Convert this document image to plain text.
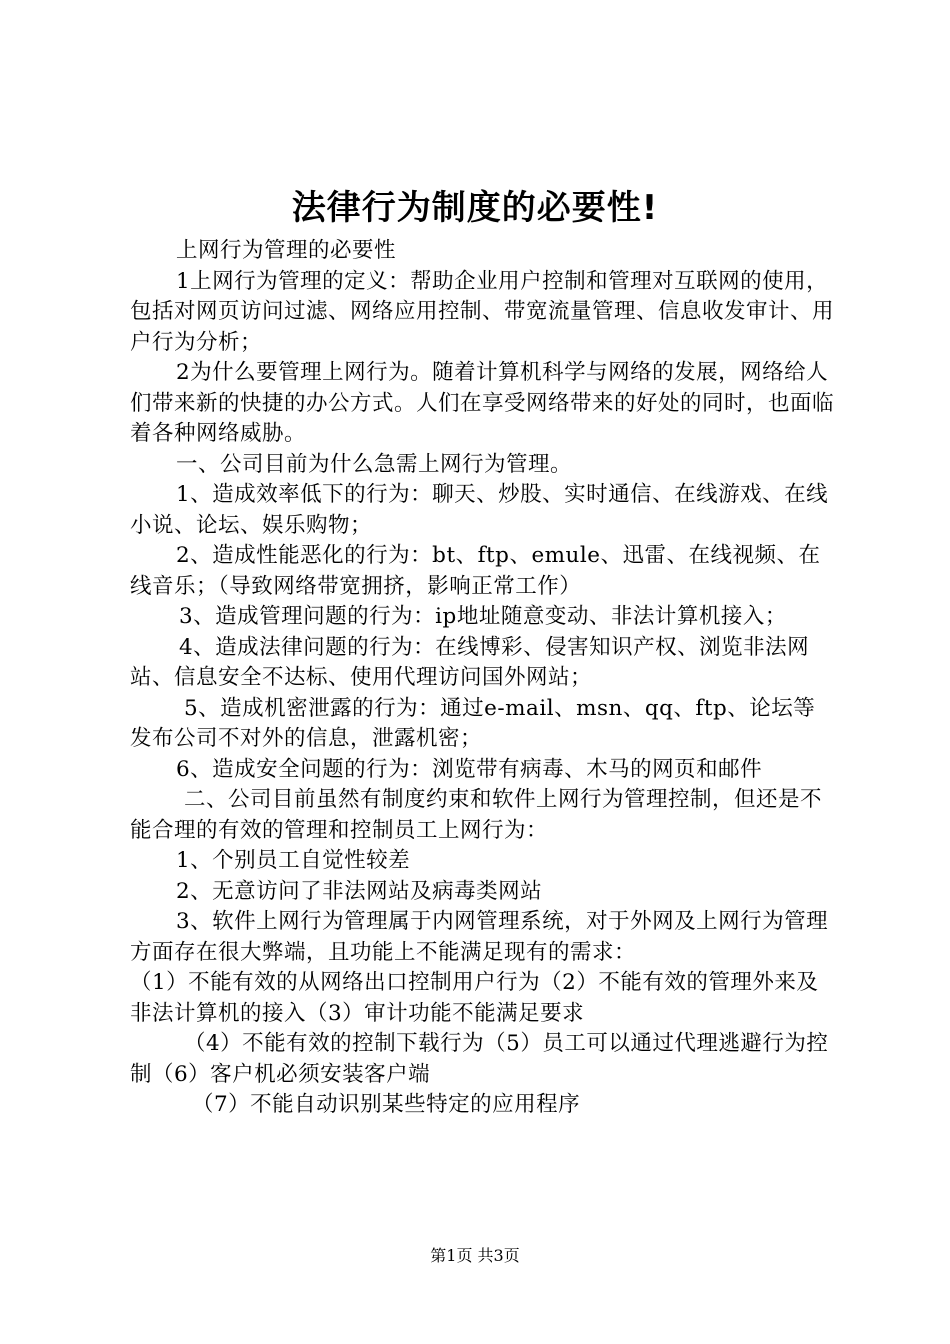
法律行为制度的必要性!

上网行为管理的必要性

1上网行为管理的定义：帮助企业用户控制和管理对互联网的使用，包括对网页访问过滤、网络应用控制、带宽流量管理、信息收发审计、用户行为分析；

2为什么要管理上网行为。随着计算机科学与网络的发展，网络给人们带来新的快捷的办公方式。人们在享受网络带来的好处的同时，也面临着各种网络威胁。

一、公司目前为什么急需上网行为管理。

1、造成效率低下的行为：聊天、炒股、实时通信、在线游戏、在线小说、论坛、娱乐购物；

2、造成性能恶化的行为：bt、ftp、emule、迅雷、在线视频、在线音乐；（导致网络带宽拥挤，影响正常工作）

3、造成管理问题的行为：ip地址随意变动、非法计算机接入；

4、造成法律问题的行为：在线博彩、侵害知识产权、浏览非法网站、信息安全不达标、使用代理访问国外网站；

5、造成机密泄露的行为：通过e-mail、msn、qq、ftp、论坛等发布公司不对外的信息，泄露机密；

6、造成安全问题的行为：浏览带有病毒、木马的网页和邮件

二、公司目前虽然有制度约束和软件上网行为管理控制，但还是不能合理的有效的管理和控制员工上网行为：

1、个别员工自觉性较差

2、无意访问了非法网站及病毒类网站

3、软件上网行为管理属于内网管理系统，对于外网及上网行为管理方面存在很大弊端，且功能上不能满足现有的需求：

（1）不能有效的从网络出口控制用户行为（2）不能有效的管理外来及非法计算机的接入（3）审计功能不能满足要求

（4）不能有效的控制下载行为（5）员工可以通过代理逃避行为控制（6）客户机必须安装客户端

（7）不能自动识别某些特定的应用程序

第1页 共3页
